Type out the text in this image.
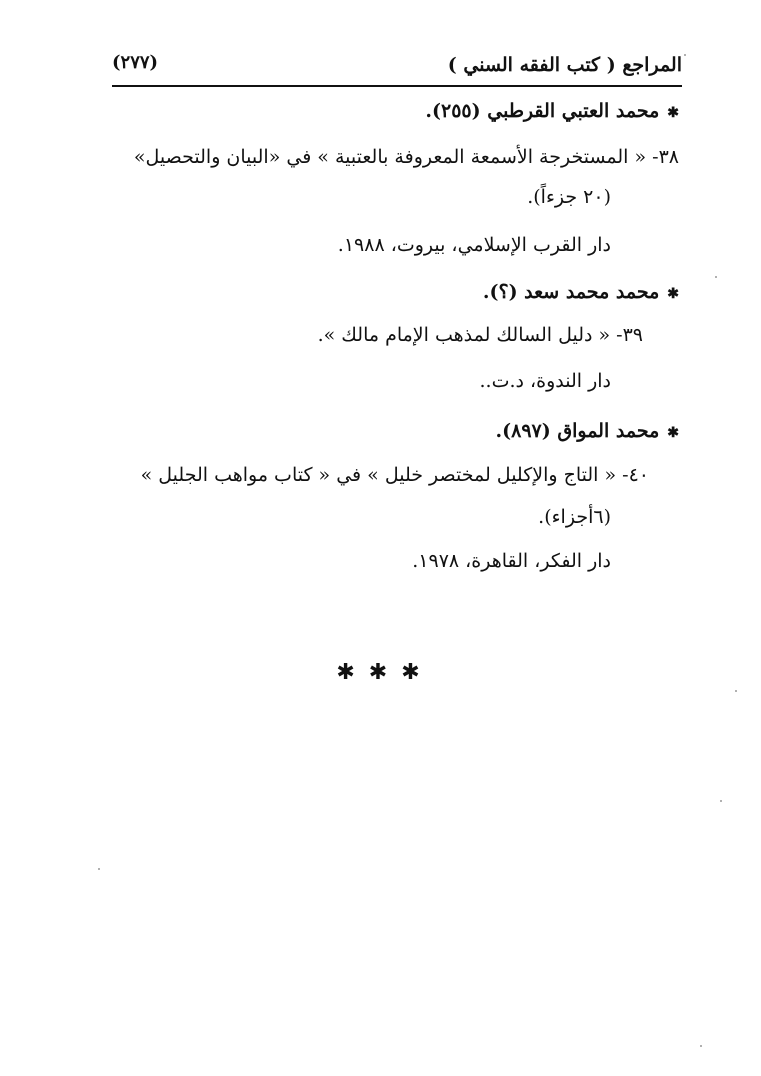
المراجع ( كتب الفقه السني )
(٢٧٧)
✱محمد العتبي القرطبي (٢٥٥).
٣٨- « المستخرجة الأسمعة المعروفة بالعتبية » في «البيان والتحصيل»
(٢٠ جزءاً).
دار القرب الإسلامي، بيروت، ١٩٨٨.
✱محمد محمد سعد (؟).
٣٩- « دليل السالك لمذهب الإمام مالك ».
دار الندوة، د.ت..
✱محمد المواق (٨٩٧).
٤٠- « التاج والإكليل لمختصر خليل » في « كتاب مواهب الجليل »
(٦أجزاء).
دار الفكر، القاهرة، ١٩٧٨.
✱✱✱
